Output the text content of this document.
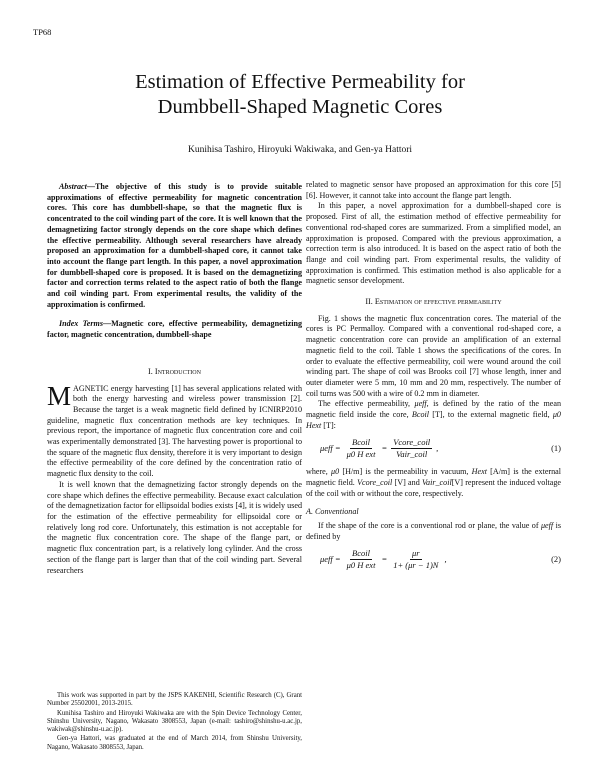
TP68
Estimation of Effective Permeability for
Dumbbell-Shaped Magnetic Cores
Kunihisa Tashiro, Hiroyuki Wakiwaka, and Gen-ya Hattori

Abstract—The objective of this study is to provide suitable approximations of effective permeability for magnetic concentration cores. This core has dumbbell-shape, so that the magnetic flux is concentrated to the coil winding part of the core. It is well known that the demagnetizing factor strongly depends on the core shape which defines the effective permeability. Although several researchers have already proposed an approximation for a dumbbell-shaped core, it cannot take into account the flange part length. In this paper, a novel approximation for dumbbell-shaped core is proposed. It is based on the demagnetizing factor and correction terms related to the aspect ratio of both the flange and coil winding part. From experimental results, the validity of the approximation is confirmed.

Index Terms—Magnetic core, effective permeability, demagnetizing factor, magnetic concentration, dumbbell-shape

I. Introduction

MAGNETIC energy harvesting [1] has several applications related with both the energy harvesting and wireless power transmission [2]. Because the target is a weak magnetic field defined by ICNIRP2010 guideline, magnetic flux concentration methods are key techniques. In previous report, the importance of magnetic flux concentration core and coil was experimentally demonstrated [3]. The harvesting power is proportional to the square of the magnetic flux density, therefore it is very important to design the effective permeability of the core defined by the concentration ratio of magnetic flux density to the coil.

It is well known that the demagnetizing factor strongly depends on the core shape which defines the effective permeability. Because exact calculation of the demagnetization factor for ellipsoidal bodies exists [4], it is widely used for the estimation of the effective permeability for ellipsoidal core or relatively long rod core. Unfortunately, this estimation is not acceptable for the magnetic flux concentration core. The shape of the flange part, or magnetic flux concentration part, is a relatively long cylinder. And the cross section of the flange part is larger than that of the coil winding part. Several researchers

related to magnetic sensor have proposed an approximation for this core [5][6]. However, it cannot take into account the flange part length.

In this paper, a novel approximation for a dumbbell-shaped core is proposed. First of all, the estimation method of effective permeability for conventional rod-shaped cores are summarized. From a simplified model, an approximation is proposed. Compared with the previous approximation, a correction term is also introduced. It is based on the aspect ratio of both the flange and coil winding part. From experimental results, the validity of approximation is confirmed. This estimation method is also applicable for a magnetic sensor development.

II. Estimation of effective permeability

Fig. 1 shows the magnetic flux concentration cores. The material of the cores is PC Permalloy. Compared with a conventional rod-shaped core, a magnetic concentration core can provide an amplification of an external magnetic field to the coil. Table 1 shows the specifications of the cores. In order to evaluate the effective permeability, coil were wound around the coil winding part. The shape of coil was Brooks coil [7] whose length, inner and outer diameter were 5 mm, 10 mm and 20 mm, respectively. The number of coil turns was 500 with a wire of 0.2 mm in diameter.

The effective permeability, μeff, is defined by the ratio of the mean magnetic field inside the core, Bcoil [T], to the external magnetic field, μ0 Hext [T]:

$\mu eff = \frac{\text{Bcoil}}{\text{μ0 H ext}} = \frac{\text{Vcore\_coil}}{\text{Vair\_coil}}$ ,	(1)

where, μ0 [H/m] is the permeability in vacuum, Hext [A/m] is the external magnetic field. Vcore_coil [V] and Vair_coil[V] represent the induced voltage of the coil with or without the core, respectively.

A. Conventional

If the shape of the core is a conventional rod or plane, the value of μeff is defined by

$\mu eff = \frac{\text{Bcoil}}{\text{μ0 H ext}} = \frac{\mu r}{1+ (\mu r - 1)N}$ ,	(2)

This work was supported in part by the JSPS KAKENHI, Scientific Research (C), Grant Number 25502001, 2013-2015.

Kunihisa Tashiro and Hiroyuki Wakiwaka are with the Spin Device Technology Center, Shinshu University, Nagano, Wakasato 3808553, Japan (e-mail: tashiro@shinshu-u.ac.jp, wakiwak@shinshu-u.ac.jp).

Gen-ya Hattori, was graduated at the end of March 2014, from Shinshu University, Nagano, Wakasato 3808553, Japan.
